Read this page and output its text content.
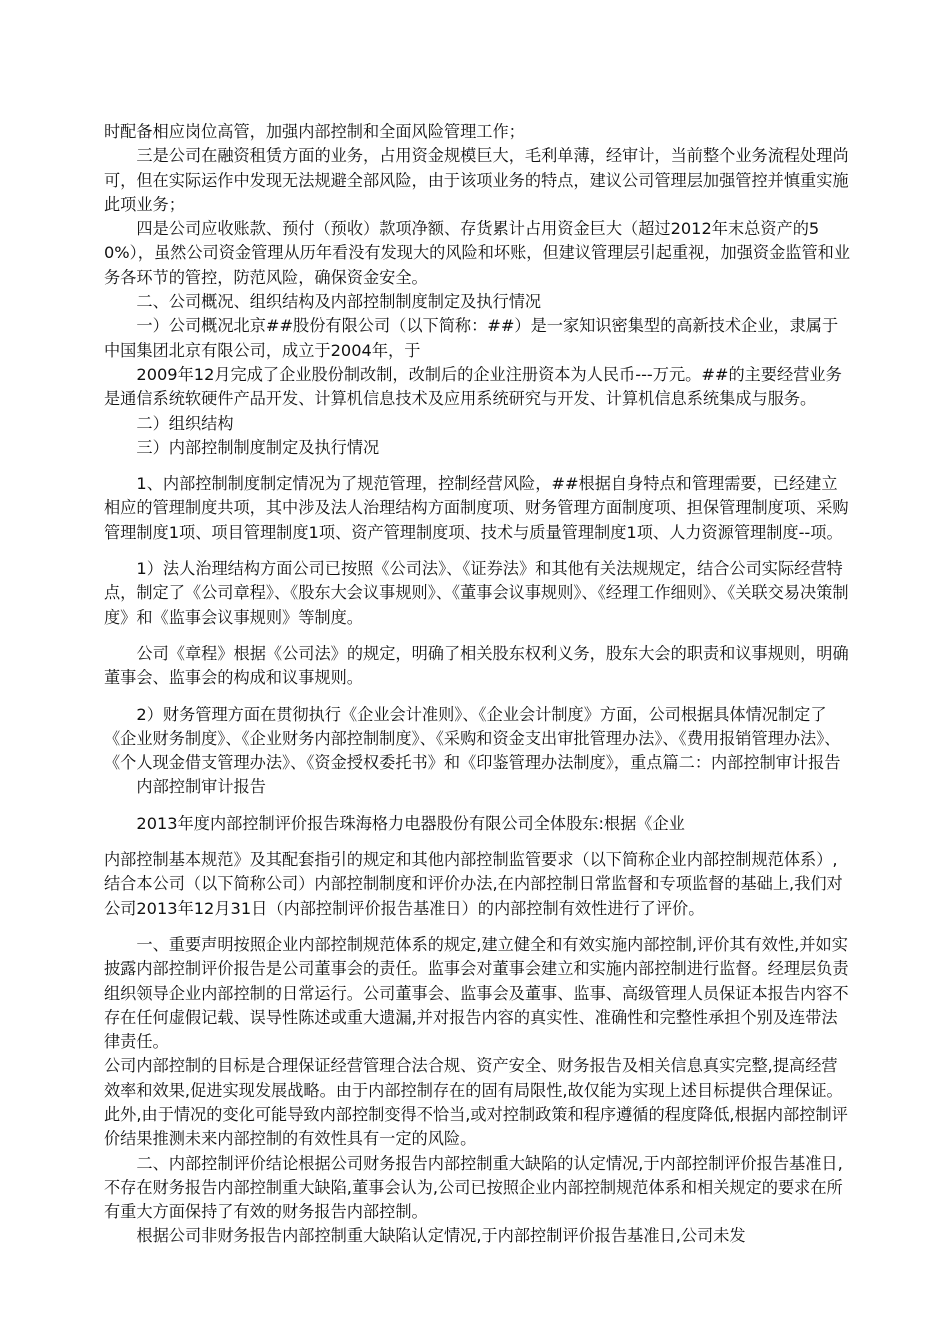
时配备相应岗位高管，加强内部控制和全面风险管理工作；

三是公司在融资租赁方面的业务，占用资金规模巨大，毛利单薄，经审计，当前整个业务流程处理尚可，但在实际运作中发现无法规避全部风险，由于该项业务的特点，建议公司管理层加强管控并慎重实施此项业务；

四是公司应收账款、预付（预收）款项净额、存货累计占用资金巨大（超过2012年末总资产的50%），虽然公司资金管理从历年看没有发现大的风险和坏账，但建议管理层引起重视，加强资金监管和业务各环节的管控，防范风险，确保资金安全。

二、公司概况、组织结构及内部控制制度制定及执行情况

一）公司概况北京##股份有限公司（以下简称：##）是一家知识密集型的高新技术企业，隶属于中国集团北京有限公司，成立于2004年，于

2009年12月完成了企业股份制改制，改制后的企业注册资本为人民币---万元。##的主要经营业务是通信系统软硬件产品开发、计算机信息技术及应用系统研究与开发、计算机信息系统集成与服务。

二）组织结构

三）内部控制制度制定及执行情况

1、内部控制制度制定情况为了规范管理，控制经营风险，##根据自身特点和管理需要，已经建立相应的管理制度共项，其中涉及法人治理结构方面制度项、财务管理方面制度项、担保管理制度项、采购管理制度1项、项目管理制度1项、资产管理制度项、技术与质量管理制度1项、人力资源管理制度--项。

1）法人治理结构方面公司已按照《公司法》、《证券法》和其他有关法规规定，结合公司实际经营特点，制定了《公司章程》、《股东大会议事规则》、《董事会议事规则》、《经理工作细则》、《关联交易决策制度》和《监事会议事规则》等制度。

公司《章程》根据《公司法》的规定，明确了相关股东权利义务，股东大会的职责和议事规则，明确董事会、监事会的构成和议事规则。

2）财务管理方面在贯彻执行《企业会计准则》、《企业会计制度》方面，公司根据具体情况制定了《企业财务制度》、《企业财务内部控制制度》、《采购和资金支出审批管理办法》、《费用报销管理办法》、《个人现金借支管理办法》、《资金授权委托书》和《印鉴管理办法制度》，重点篇二：内部控制审计报告

内部控制审计报告

2013年度内部控制评价报告珠海格力电器股份有限公司全体股东:根据《企业

内部控制基本规范》及其配套指引的规定和其他内部控制监管要求（以下简称企业内部控制规范体系）,结合本公司（以下简称公司）内部控制制度和评价办法,在内部控制日常监督和专项监督的基础上,我们对公司2013年12月31日（内部控制评价报告基准日）的内部控制有效性进行了评价。

一、重要声明按照企业内部控制规范体系的规定,建立健全和有效实施内部控制,评价其有效性,并如实披露内部控制评价报告是公司董事会的责任。监事会对董事会建立和实施内部控制进行监督。经理层负责组织领导企业内部控制的日常运行。公司董事会、监事会及董事、监事、高级管理人员保证本报告内容不存在任何虚假记载、误导性陈述或重大遗漏,并对报告内容的真实性、准确性和完整性承担个别及连带法律责任。

公司内部控制的目标是合理保证经营管理合法合规、资产安全、财务报告及相关信息真实完整,提高经营效率和效果,促进实现发展战略。由于内部控制存在的固有局限性,故仅能为实现上述目标提供合理保证。此外,由于情况的变化可能导致内部控制变得不恰当,或对控制政策和程序遵循的程度降低,根据内部控制评价结果推测未来内部控制的有效性具有一定的风险。

二、内部控制评价结论根据公司财务报告内部控制重大缺陷的认定情况,于内部控制评价报告基准日,不存在财务报告内部控制重大缺陷,董事会认为,公司已按照企业内部控制规范体系和相关规定的要求在所有重大方面保持了有效的财务报告内部控制。

根据公司非财务报告内部控制重大缺陷认定情况,于内部控制评价报告基准日,公司未发
